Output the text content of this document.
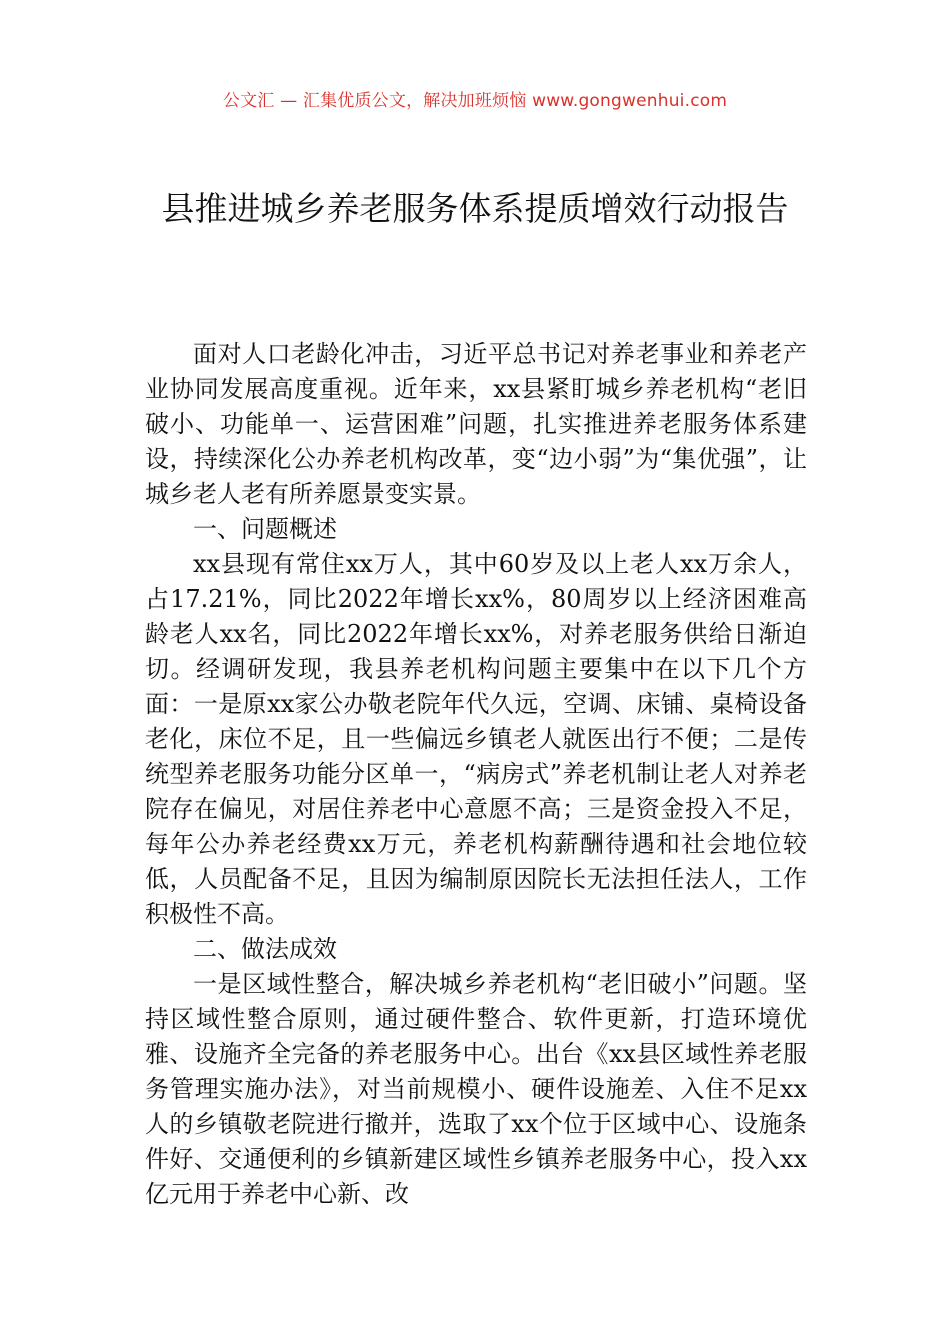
公文汇 — 汇集优质公文，解决加班烦恼 www.gongwenhui.com
县推进城乡养老服务体系提质增效行动报告

面对人口老龄化冲击，习近平总书记对养老事业和养老产业协同发展高度重视。近年来，xx县紧盯城乡养老机构“老旧破小、功能单一、运营困难”问题，扎实推进养老服务体系建设，持续深化公办养老机构改革，变“边小弱”为“集优强”，让城乡老人老有所养愿景变实景。

一、问题概述

xx县现有常住xx万人，其中60岁及以上老人xx万余人，占17.21%，同比2022年增长xx%，80周岁以上经济困难高龄老人xx名，同比2022年增长xx%，对养老服务供给日渐迫切。经调研发现，我县养老机构问题主要集中在以下几个方面：一是原xx家公办敬老院年代久远，空调、床铺、桌椅设备老化，床位不足，且一些偏远乡镇老人就医出行不便；二是传统型养老服务功能分区单一，“病房式”养老机制让老人对养老院存在偏见，对居住养老中心意愿不高；三是资金投入不足，每年公办养老经费xx万元，养老机构薪酬待遇和社会地位较低，人员配备不足，且因为编制原因院长无法担任法人，工作积极性不高。

二、做法成效

一是区域性整合，解决城乡养老机构“老旧破小”问题。坚持区域性整合原则，通过硬件整合、软件更新，打造环境优雅、设施齐全完备的养老服务中心。出台《xx县区域性养老服务管理实施办法》，对当前规模小、硬件设施差、入住不足xx人的乡镇敬老院进行撤并，选取了xx个位于区域中心、设施条件好、交通便利的乡镇新建区域性乡镇养老服务中心，投入xx亿元用于养老中心新、改
